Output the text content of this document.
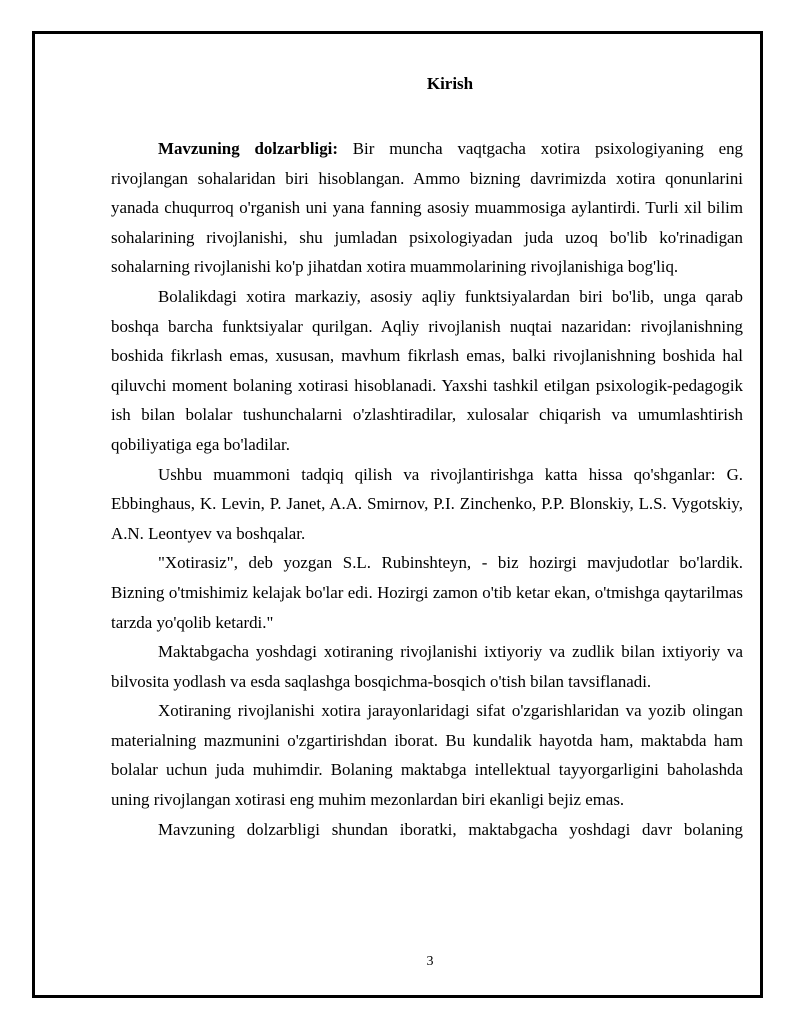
Kirish

Mavzuning dolzarbligi: Bir muncha vaqtgacha xotira psixologiyaning eng rivojlangan sohalaridan biri hisoblangan. Ammo bizning davrimizda xotira qonunlarini yanada chuqurroq o'rganish uni yana fanning asosiy muammosiga aylantirdi. Turli xil bilim sohalarining rivojlanishi, shu jumladan psixologiyadan juda uzoq bo'lib ko'rinadigan sohalarning rivojlanishi ko'p jihatdan xotira muammolarining rivojlanishiga bog'liq.

Bolalikdagi xotira markaziy, asosiy aqliy funktsiyalardan biri bo'lib, unga qarab boshqa barcha funktsiyalar qurilgan. Aqliy rivojlanish nuqtai nazaridan: rivojlanishning boshida fikrlash emas, xususan, mavhum fikrlash emas, balki rivojlanishning boshida hal qiluvchi moment bolaning xotirasi hisoblanadi. Yaxshi tashkil etilgan psixologik-pedagogik ish bilan bolalar tushunchalarni o'zlashtiradilar, xulosalar chiqarish va umumlashtirish qobiliyatiga ega bo'ladilar.

Ushbu muammoni tadqiq qilish va rivojlantirishga katta hissa qo'shganlar: G. Ebbinghaus, K. Levin, P. Janet, A.A. Smirnov, P.I. Zinchenko, P.P. Blonskiy, L.S. Vygotskiy, A.N. Leontyev va boshqalar.

"Xotirasiz", deb yozgan S.L. Rubinshteyn, - biz hozirgi mavjudotlar bo'lardik. Bizning o'tmishimiz kelajak bo'lar edi. Hozirgi zamon o'tib ketar ekan, o'tmishga qaytarilmas tarzda yo'qolib ketardi."

Maktabgacha yoshdagi xotiraning rivojlanishi ixtiyoriy va zudlik bilan ixtiyoriy va bilvosita yodlash va esda saqlashga bosqichma-bosqich o'tish bilan tavsiflanadi.

Xotiraning rivojlanishi xotira jarayonlaridagi sifat o'zgarishlaridan va yozib olingan materialning mazmunini o'zgartirishdan iborat. Bu kundalik hayotda ham, maktabda ham bolalar uchun juda muhimdir. Bolaning maktabga intellektual tayyorgarligini baholashda uning rivojlangan xotirasi eng muhim mezonlardan biri ekanligi bejiz emas.

Mavzuning dolzarbligi shundan iboratki, maktabgacha yoshdagi davr bolaning

3
